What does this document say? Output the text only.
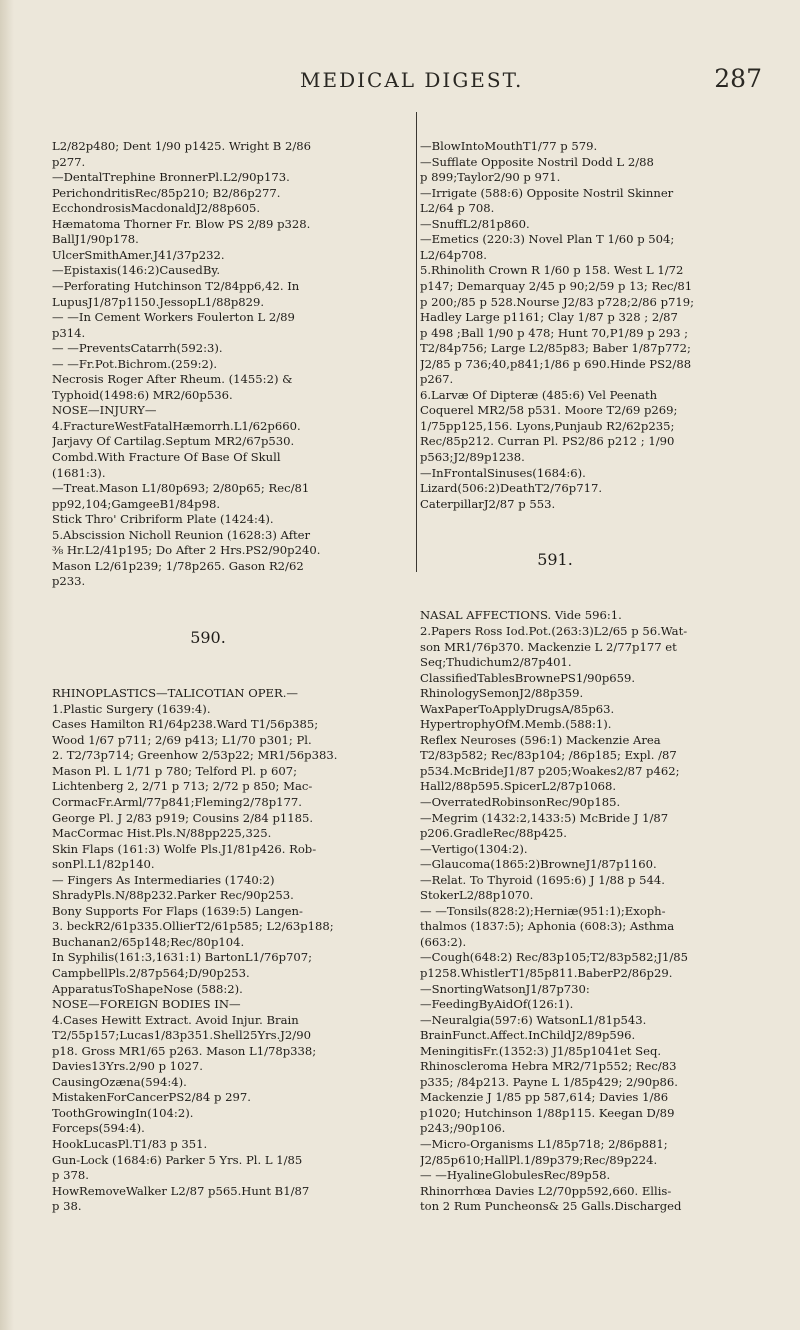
MEDICAL DIGEST.	287

L2/82p480; Dent 1/90 p1425. Wright B 2/86
p277.
—DentalTrephine BronnerPl.L2/90p173.
PerichondritisRec/85p210; B2/86p277.
EcchondrosisMacdonaldJ2/88p605.
Hæmatoma Thorner Fr. Blow PS 2/89 p328.
BallJ1/90p178.
UlcerSmithAmer.J41/37p232.
—Epistaxis(146:2)CausedBy.
—Perforating Hutchinson T2/84pp6,42. In
LupusJ1/87p1150.JessopL1/88p829.
— —In Cement Workers Foulerton L 2/89
p314.
— —PreventsCatarrh(592:3).
— —Fr.Pot.Bichrom.(259:2).
Necrosis Roger After Rheum. (1455:2) &
Typhoid(1498:6) MR2/60p536.
NOSE—INJURY—
4.FractureWestFatalHæmorrh.L1/62p660.
Jarjavy Of Cartilag.Septum MR2/67p530.
Combd.With Fracture Of Base Of Skull
(1681:3).
—Treat.Mason L1/80p693; 2/80p65; Rec/81
pp92,104;GamgeeB1/84p98.
Stick Thro' Cribriform Plate (1424:4).
5.Abscission Nicholl Reunion (1628:3) After
⅜ Hr.L2/41p195; Do After 2 Hrs.PS2/90p240.
Mason L2/61p239; 1/78p265. Gason R2/62
p233.

590.

RHINOPLASTICS—TALICOTIAN OPER.—
1.Plastic Surgery (1639:4).
Cases Hamilton R1/64p238.Ward T1/56p385;
Wood 1/67 p711; 2/69 p413; L1/70 p301; Pl.
2. T2/73p714; Greenhow 2/53p22; MR1/56p383.
Mason Pl. L 1/71 p 780; Telford Pl. p 607;
Lichtenberg 2, 2/71 p 713; 2/72 p 850; Mac-
CormacFr.Arml/77p841;Fleming2/78p177.
George Pl. J 2/83 p919; Cousins 2/84 p1185.
MacCormac Hist.Pls.N/88pp225,325.
Skin Flaps (161:3) Wolfe Pls.J1/81p426. Rob-
sonPl.L1/82p140.
— Fingers As Intermediaries (1740:2)
ShradyPls.N/88p232.Parker Rec/90p253.
Bony Supports For Flaps (1639:5) Langen-
3. beckR2/61p335.OllierT2/61p585; L2/63p188;
Buchanan2/65p148;Rec/80p104.
In Syphilis(161:3,1631:1) BartonL1/76p707;
CampbellPls.2/87p564;D/90p253.
ApparatusToShapeNose (588:2).
NOSE—FOREIGN BODIES IN—
4.Cases Hewitt Extract. Avoid Injur. Brain
T2/55p157;Lucas1/83p351.Shell25Yrs.J2/90
p18. Gross MR1/65 p263. Mason L1/78p338;
Davies13Yrs.2/90 p 1027.
CausingOzæna(594:4).
MistakenForCancerPS2/84 p 297.
ToothGrowingIn(104:2).
Forceps(594:4).
HookLucasPl.T1/83 p 351.
Gun-Lock (1684:6) Parker 5 Yrs. Pl. L 1/85
p 378.
HowRemoveWalker L2/87 p565.Hunt B1/87
p 38.

—BlowIntoMouthT1/77 p 579.
—Sufflate Opposite Nostril Dodd L 2/88
p 899;Taylor2/90 p 971.
—Irrigate (588:6) Opposite Nostril Skinner
L2/64 p 708.
—SnuffL2/81p860.
—Emetics (220:3) Novel Plan T 1/60 p 504;
L2/64p708.
5.Rhinolith Crown R 1/60 p 158. West L 1/72
p147; Demarquay 2/45 p 90;2/59 p 13; Rec/81
p 200;/85 p 528.Nourse J2/83 p728;2/86 p719;
Hadley Large p1161; Clay 1/87 p 328 ; 2/87
p 498 ;Ball 1/90 p 478; Hunt 70,P1/89 p 293 ;
T2/84p756; Large L2/85p83; Baber 1/87p772;
J2/85 p 736;40,p841;1/86 p 690.Hinde PS2/88
p267.
6.Larvæ Of Dipteræ (485:6) Vel Peenath
Coquerel MR2/58 p531. Moore T2/69 p269;
1/75pp125,156. Lyons,Punjaub R2/62p235;
Rec/85p212. Curran Pl. PS2/86 p212 ; 1/90
p563;J2/89p1238.
—InFrontalSinuses(1684:6).
Lizard(506:2)DeathT2/76p717.
CaterpillarJ2/87 p 553.

591.

NASAL AFFECTIONS. Vide 596:1.
2.Papers Ross Iod.Pot.(263:3)L2/65 p 56.Wat-
son MR1/76p370. Mackenzie L 2/77p177 et
Seq;Thudichum2/87p401.
ClassifiedTablesBrownePS1/90p659.
RhinologySemonJ2/88p359.
WaxPaperToApplyDrugsA/85p63.
HypertrophyOfM.Memb.(588:1).
Reflex Neuroses (596:1) Mackenzie Area
T2/83p582; Rec/83p104; /86p185; Expl. /87
p534.McBrideJ1/87 p205;Woakes2/87 p462;
Hall2/88p595.SpicerL2/87p1068.
—OverratedRobinsonRec/90p185.
—Megrim (1432:2,1433:5) McBride J 1/87
p206.GradleRec/88p425.
—Vertigo(1304:2).
—Glaucoma(1865:2)BrowneJ1/87p1160.
—Relat. To Thyroid (1695:6) J 1/88 p 544.
StokerL2/88p1070.
— —Tonsils(828:2);Herniæ(951:1);Exoph-
thalmos (1837:5); Aphonia (608:3); Asthma
(663:2).
—Cough(648:2) Rec/83p105;T2/83p582;J1/85
p1258.WhistlerT1/85p811.BaberP2/86p29.
—SnortingWatsonJ1/87p730:
—FeedingByAidOf(126:1).
—Neuralgia(597:6) WatsonL1/81p543.
BrainFunct.Affect.InChildJ2/89p596.
MeningitisFr.(1352:3) J1/85p1041et Seq.
Rhinoscleroma Hebra MR2/71p552; Rec/83
p335; /84p213. Payne L 1/85p429; 2/90p86.
Mackenzie J 1/85 pp 587,614; Davies 1/86
p1020; Hutchinson 1/88p115. Keegan D/89
p243;/90p106.
—Micro-Organisms L1/85p718; 2/86p881;
J2/85p610;HallPl.1/89p379;Rec/89p224.
— —HyalineGlobulesRec/89p58.
Rhinorrhœa Davies L2/70pp592,660. Ellis-
ton 2 Rum Puncheons& 25 Galls.Discharged
